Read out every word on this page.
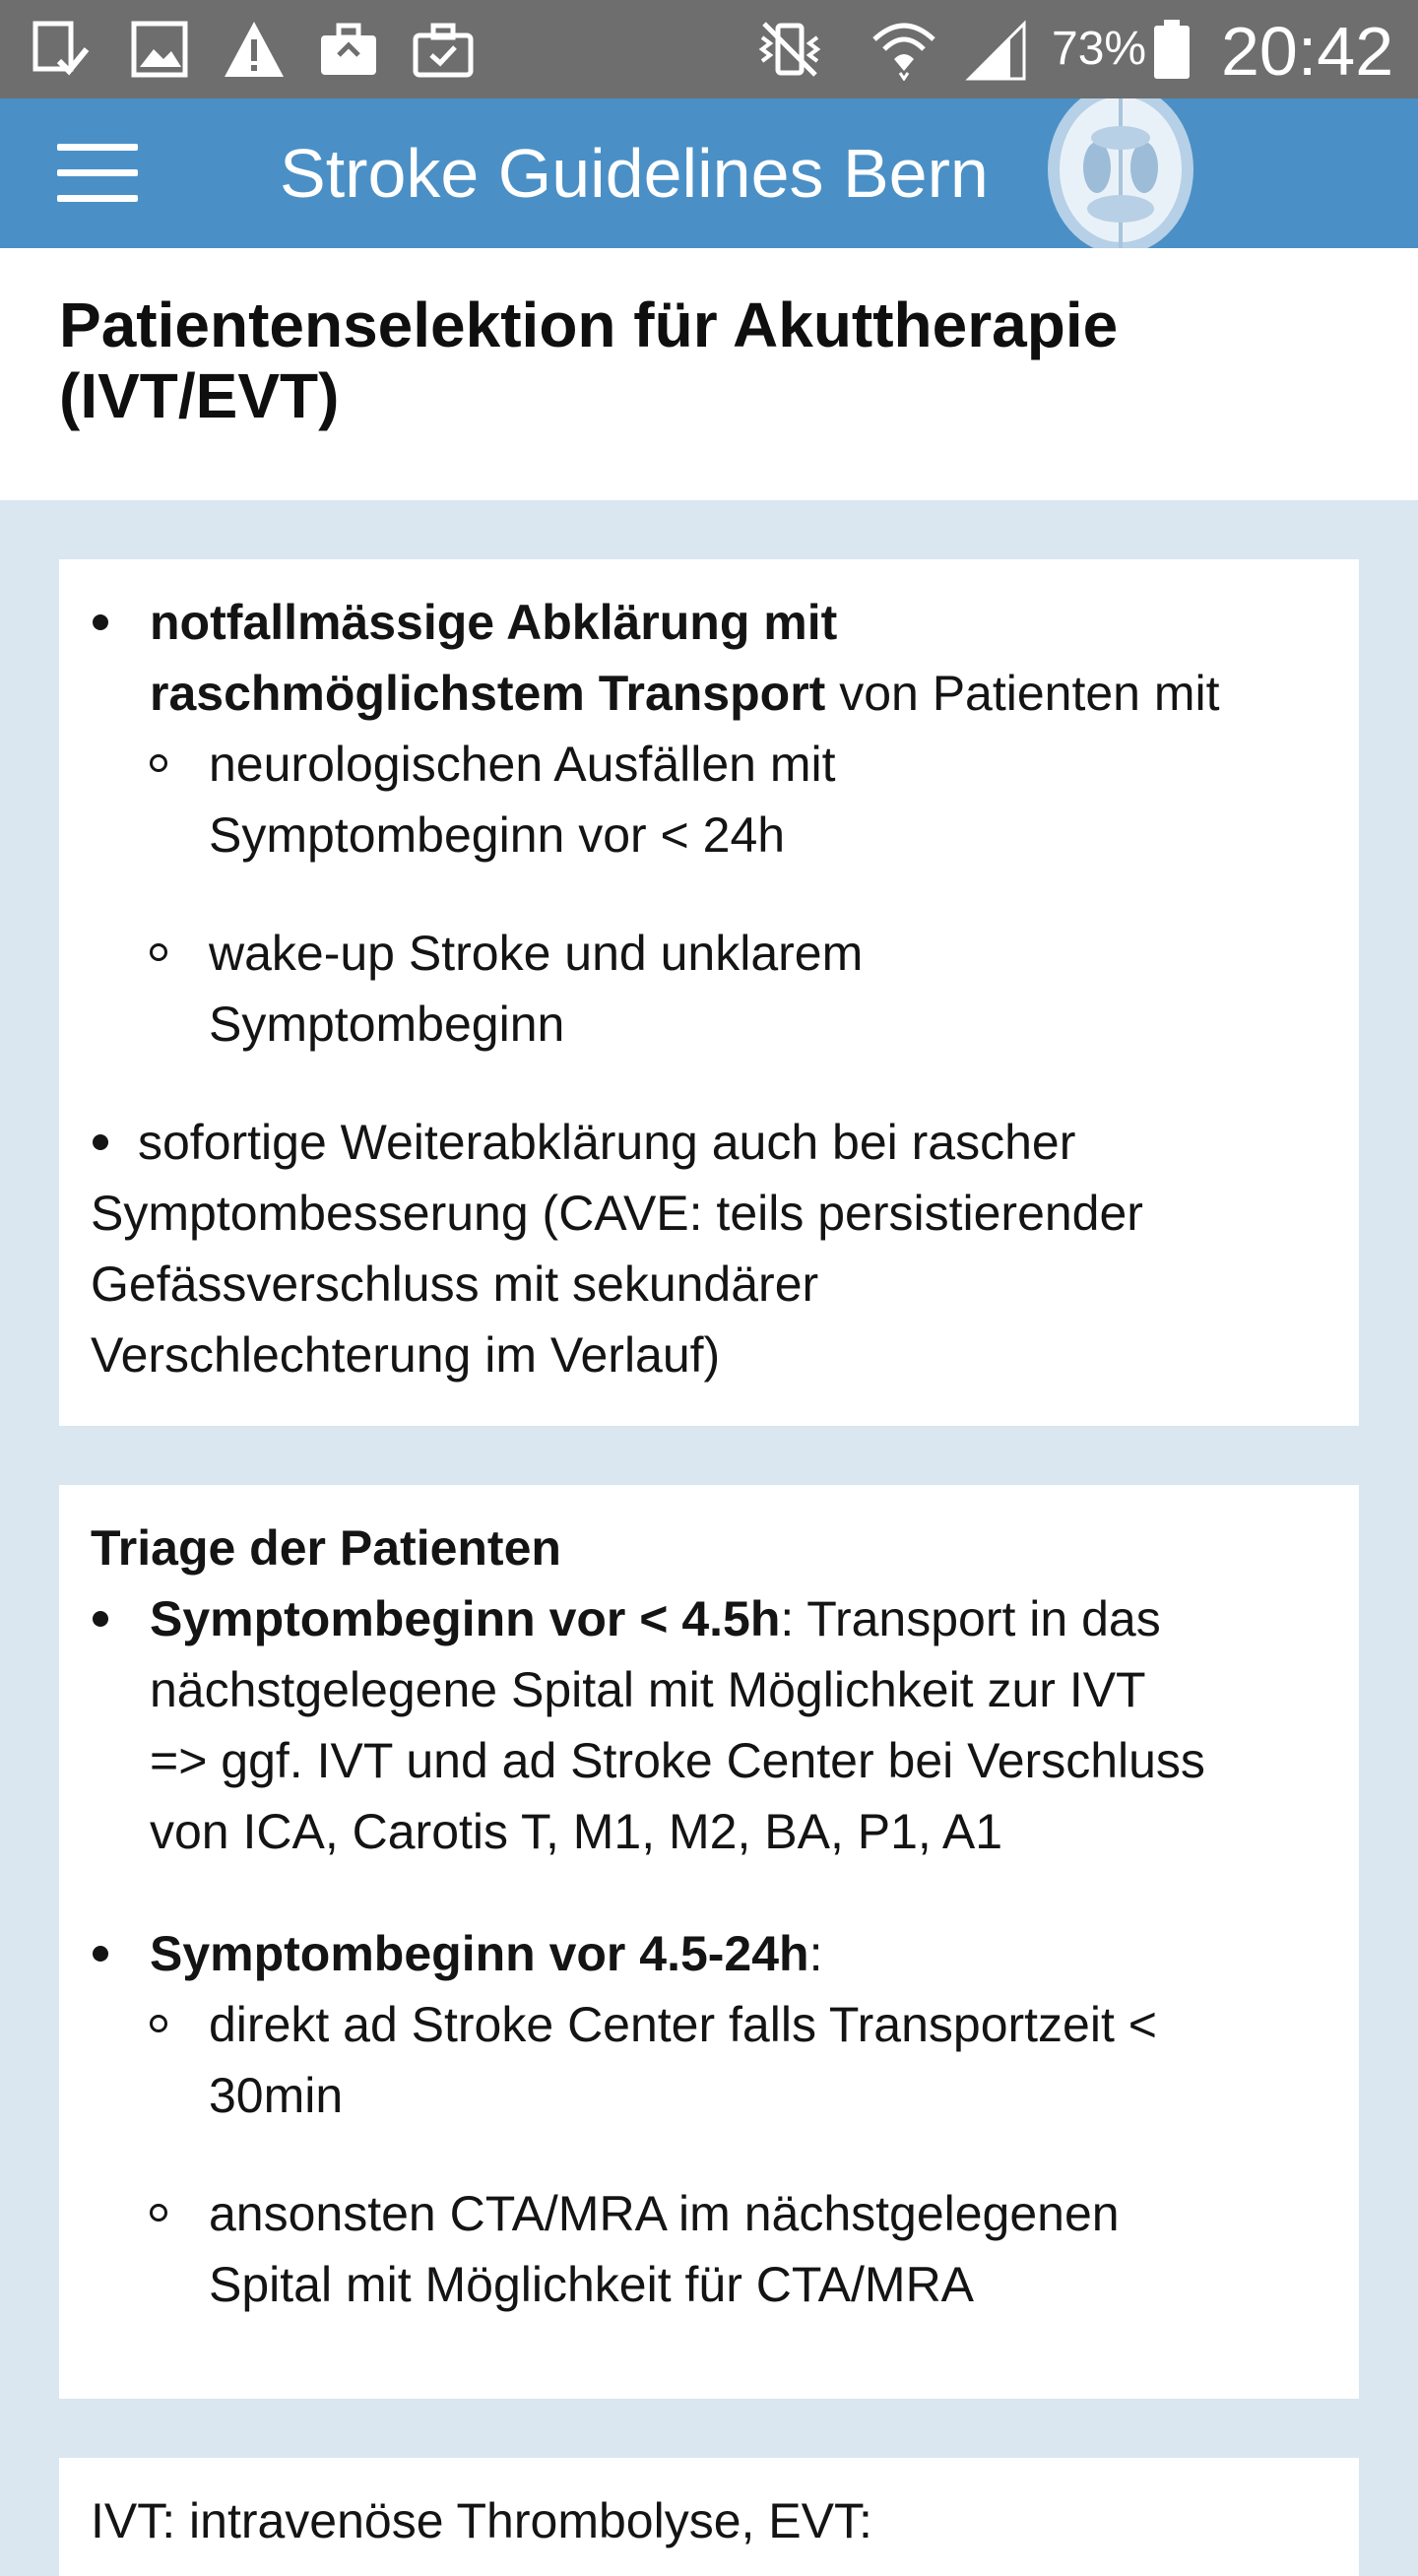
73% 20:42
Stroke Guidelines Bern
Patientenselektion für Akuttherapie
(IVT/EVT)
notfallmässige Abklärung mit
raschmöglichstem Transport von Patienten mit
neurologischen Ausfällen mit
Symptombeginn vor < 24h
wake-up Stroke und unklarem
Symptombeginn
sofortige Weiterabklärung auch bei rascher
Symptombesserung (CAVE: teils persistierender
Gefässverschluss mit sekundärer
Verschlechterung im Verlauf)
Triage der Patienten
Symptombeginn vor < 4.5h: Transport in das
nächstgelegene Spital mit Möglichkeit zur IVT
=> ggf. IVT und ad Stroke Center bei Verschluss
von ICA, Carotis T, M1, M2, BA, P1, A1
Symptombeginn vor 4.5-24h:
direkt ad Stroke Center falls Transportzeit <
30min
ansonsten CTA/MRA im nächstgelegenen
Spital mit Möglichkeit für CTA/MRA
IVT: intravenöse Thrombolyse, EVT:
